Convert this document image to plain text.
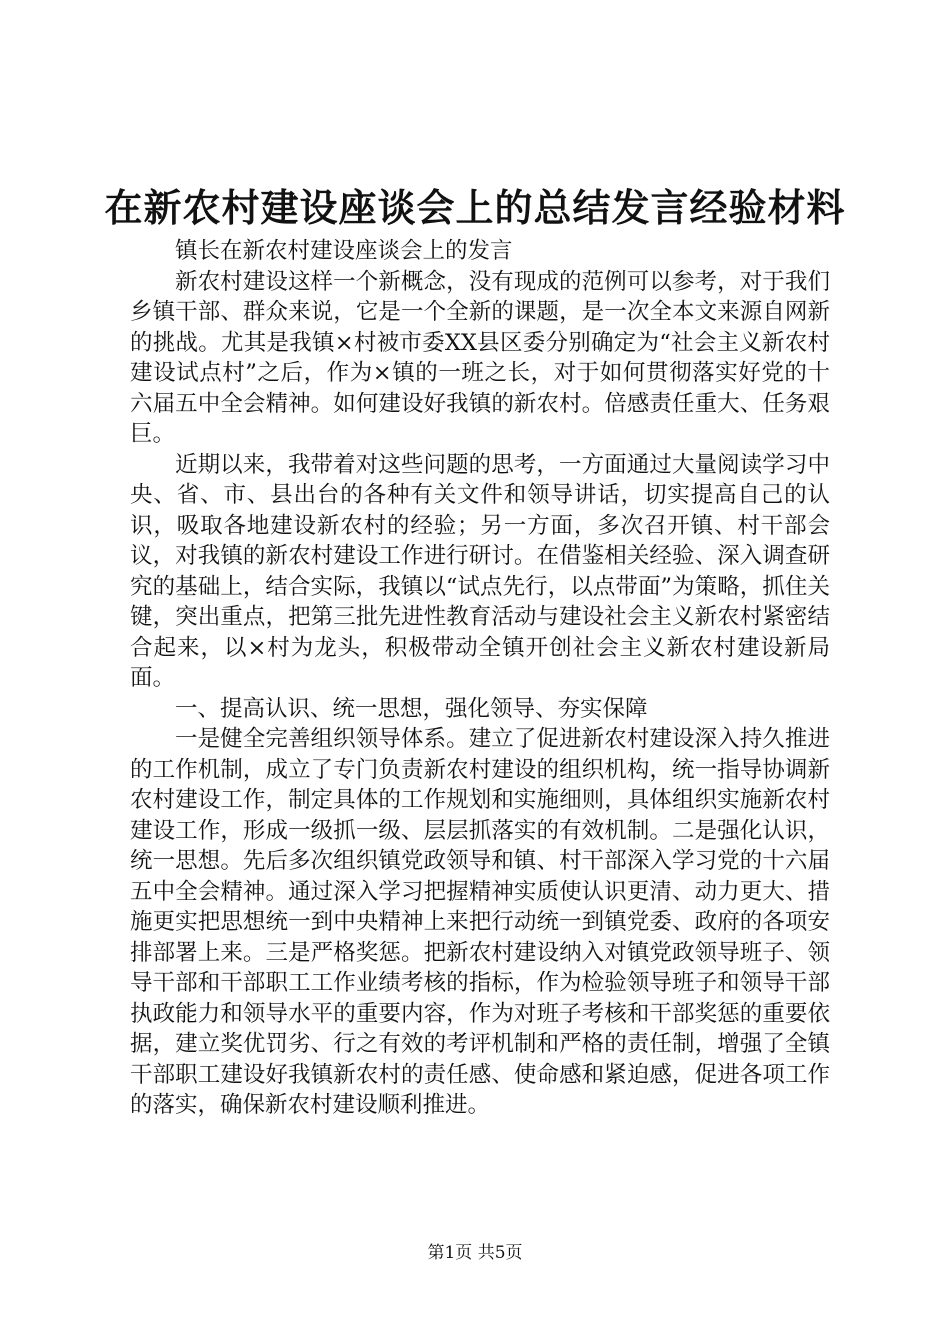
在新农村建设座谈会上的总结发言经验材料

镇长在新农村建设座谈会上的发言

新农村建设这样一个新概念，没有现成的范例可以参考，对于我们乡镇干部、群众来说，它是一个全新的课题，是一次全本文来源自网新的挑战。尤其是我镇×村被市委XX县区委分别确定为“社会主义新农村建设试点村”之后，作为×镇的一班之长，对于如何贯彻落实好党的十六届五中全会精神。如何建设好我镇的新农村。倍感责任重大、任务艰巨。

近期以来，我带着对这些问题的思考，一方面通过大量阅读学习中央、省、市、县出台的各种有关文件和领导讲话，切实提高自己的认识，吸取各地建设新农村的经验；另一方面，多次召开镇、村干部会议，对我镇的新农村建设工作进行研讨。在借鉴相关经验、深入调查研究的基础上，结合实际，我镇以“试点先行，以点带面”为策略，抓住关键，突出重点，把第三批先进性教育活动与建设社会主义新农村紧密结合起来，以×村为龙头，积极带动全镇开创社会主义新农村建设新局面。

一、提高认识、统一思想，强化领导、夯实保障

一是健全完善组织领导体系。建立了促进新农村建设深入持久推进的工作机制，成立了专门负责新农村建设的组织机构，统一指导协调新农村建设工作，制定具体的工作规划和实施细则，具体组织实施新农村建设工作，形成一级抓一级、层层抓落实的有效机制。二是强化认识，统一思想。先后多次组织镇党政领导和镇、村干部深入学习党的十六届五中全会精神。通过深入学习把握精神实质使认识更清、动力更大、措施更实把思想统一到中央精神上来把行动统一到镇党委、政府的各项安排部署上来。三是严格奖惩。把新农村建设纳入对镇党政领导班子、领导干部和干部职工工作业绩考核的指标，作为检验领导班子和领导干部执政能力和领导水平的重要内容，作为对班子考核和干部奖惩的重要依据，建立奖优罚劣、行之有效的考评机制和严格的责任制，增强了全镇干部职工建设好我镇新农村的责任感、使命感和紧迫感，促进各项工作的落实，确保新农村建设顺利推进。

第1页 共5页
